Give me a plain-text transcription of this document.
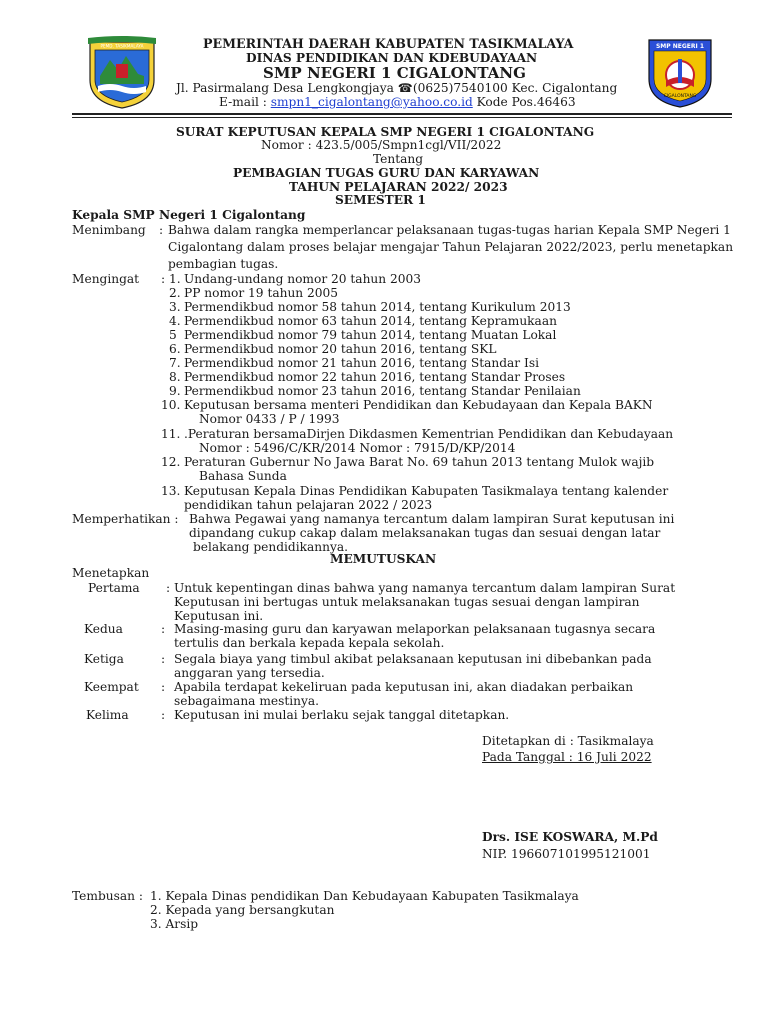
PEMD. TASIKMALAYA	SMP NEGERI 1
CIGALONTANG
PEMERINTAH DAERAH KABUPATEN TASIKMALAYA
DINAS PENDIDIKAN DAN KDEBUDAYAAN
SMP NEGERI 1 CIGALONTANG
Jl. Pasirmalang Desa Lengkongjaya ☎(0625)7540100 Kec. Cigalontang
E-mail : smpn1_cigalontang@yahoo.co.id Kode Pos.46463
SURAT KEPUTUSAN KEPALA SMP NEGERI 1 CIGALONTANG
Nomor : 423.5/005/Smpn1cgl/VII/2022
Tentang
PEMBAGIAN TUGAS GURU DAN KARYAWAN
TAHUN PELAJARAN 2022/ 2023
SEMESTER 1
Kepala SMP Negeri 1 Cigalontang
Menimbang : Bahwa dalam rangka memperlancar pelaksanaan tugas-tugas harian Kepala SMP Negeri 1
Cigalontang dalam proses belajar mengajar Tahun Pelajaran 2022/2023, perlu menetapkan
pembagian tugas.
Mengingat : 1. Undang-undang nomor 20 tahun 2003
2. PP nomor 19 tahun 2005
3. Permendikbud nomor 58 tahun 2014, tentang Kurikulum 2013
4. Permendikbud nomor 63 tahun 2014, tentang Kepramukaan
5 Permendikbud nomor 79 tahun 2014, tentang Muatan Lokal
6. Permendikbud nomor 20 tahun 2016, tentang SKL
7. Permendikbud nomor 21 tahun 2016, tentang Standar Isi
8. Permendikbud nomor 22 tahun 2016, tentang Standar Proses
9. Permendikbud nomor 23 tahun 2016, tentang Standar Penilaian
10. Keputusan bersama menteri Pendidikan dan Kebudayaan dan Kepala BAKN
Nomor 0433 / P / 1993
11. .Peraturan bersamaDirjen Dikdasmen Kementrian Pendidikan dan Kebudayaan
Nomor : 5496/C/KR/2014 Nomor : 7915/D/KP/2014
12. Peraturan Gubernur No Jawa Barat No. 69 tahun 2013 tentang Mulok wajib
Bahasa Sunda
13. Keputusan Kepala Dinas Pendidikan Kabupaten Tasikmalaya tentang kalender
pendidikan tahun pelajaran 2022 / 2023
Memperhatikan : Bahwa Pegawai yang namanya tercantum dalam lampiran Surat keputusan ini
dipandang cukup cakap dalam melaksanakan tugas dan sesuai dengan latar
belakang pendidikannya.
MEMUTUSKAN
Menetapkan
Pertama : Untuk kepentingan dinas bahwa yang namanya tercantum dalam lampiran Surat
Keputusan ini bertugas untuk melaksanakan tugas sesuai dengan lampiran
Keputusan ini.
Kedua	: Masing-masing guru dan karyawan melaporkan pelaksanaan tugasnya secara
tertulis dan berkala kepada kepala sekolah.
Ketiga	: Segala biaya yang timbul akibat pelaksanaan keputusan ini dibebankan pada
anggaran yang tersedia.
Keempat : Apabila terdapat kekeliruan pada keputusan ini, akan diadakan perbaikan
sebagaimana mestinya.
Kelima	: Keputusan ini mulai berlaku sejak tanggal ditetapkan.
Ditetapkan di : Tasikmalaya
Pada Tanggal : 16 Juli 2022
Drs. ISE KOSWARA, M.Pd
NIP. 196607101995121001
Tembusan : 1. Kepala Dinas pendidikan Dan Kebudayaan Kabupaten Tasikmalaya
2. Kepada yang bersangkutan
3. Arsip
